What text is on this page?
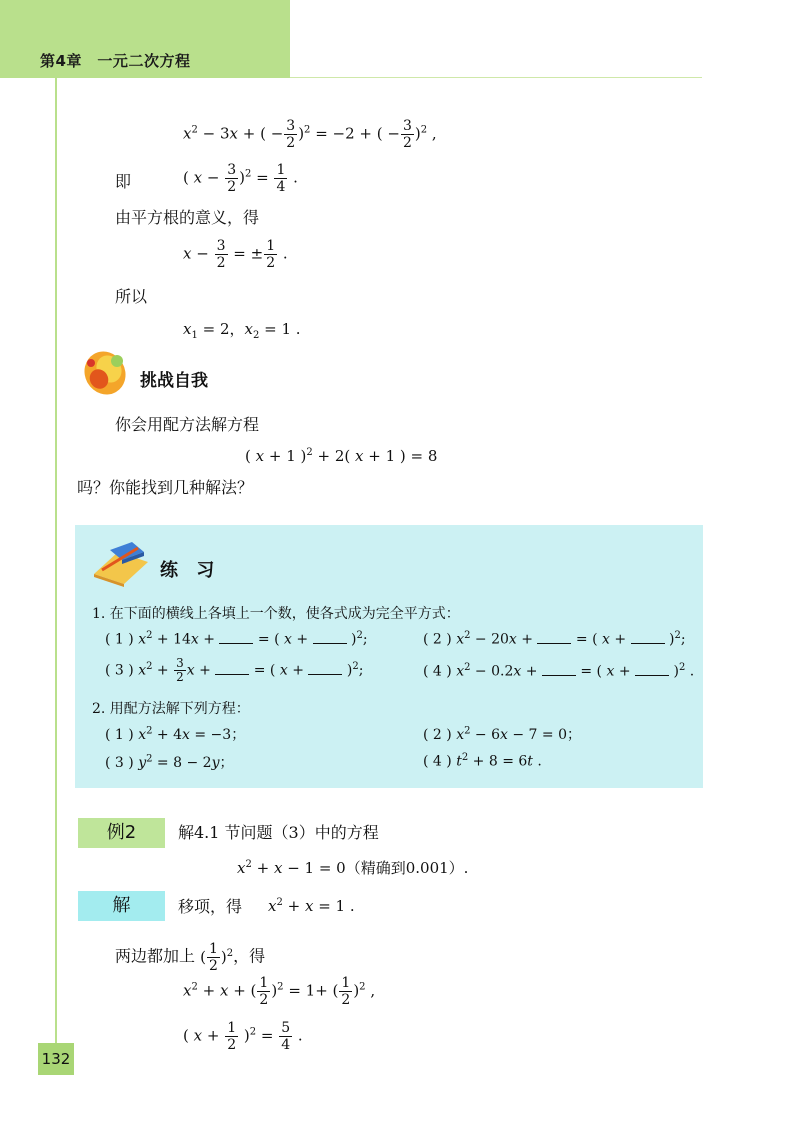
第4章　一元二次方程
$x^2 - 3x$ + ( − $\frac{3}{2} )^2 = -2$ + ( − $\frac{3}{2} )^2$ ,
即	( $x - \frac{3}{2} )^2 = \frac{1}{4}$ .
由平方根的意义，得
$x - \frac{3}{2}$ = ± $\frac{1}{2}$ .
所以
$x_1 = 2$，$x_2 = 1$ .
挑战自我
你会用配方法解方程
( x + 1 )$^2$ + 2( x + 1 ) = 8
吗？你能找到几种解法？
练 习
1. 在下面的横线上各填上一个数，使各式成为完全平方式：
( 1 ) $x^2 + 14x$ +  = ( x +  )$^2$;	( 2 ) $x^2 - 20x$ +  = ( x +  )$^2$;
( 3 ) $x^2 + \frac{3}{2}$ x +  = ( x +  )$^2$;	( 4 ) $x^2 - 0.2x$ +  = ( x +  )$^2$ .
2. 用配方法解下列方程：
( 1 ) $x^2 + 4x = -3$；	( 2 ) $x^2 - 6x - 7 = 0$；
( 3 ) $y^2 = 8 - 2y$；	( 4 ) $t^2 + 8 = 6t$ .
例2	解4.1 节问题（3）中的方程
$x^2 + x - 1 = 0$（精确到0.001）.
解	移项，得 $x^2 + x = 1$ .
两边都加上 ( $\frac{1}{2} )^2$，得
$x^2 + x$ + ( $\frac{1}{2} )^2 = 1+$ ( $\frac{1}{2} )^2$ ,
( $x + \frac{1}{2} )^2 = \frac{5}{4}$ .
132
